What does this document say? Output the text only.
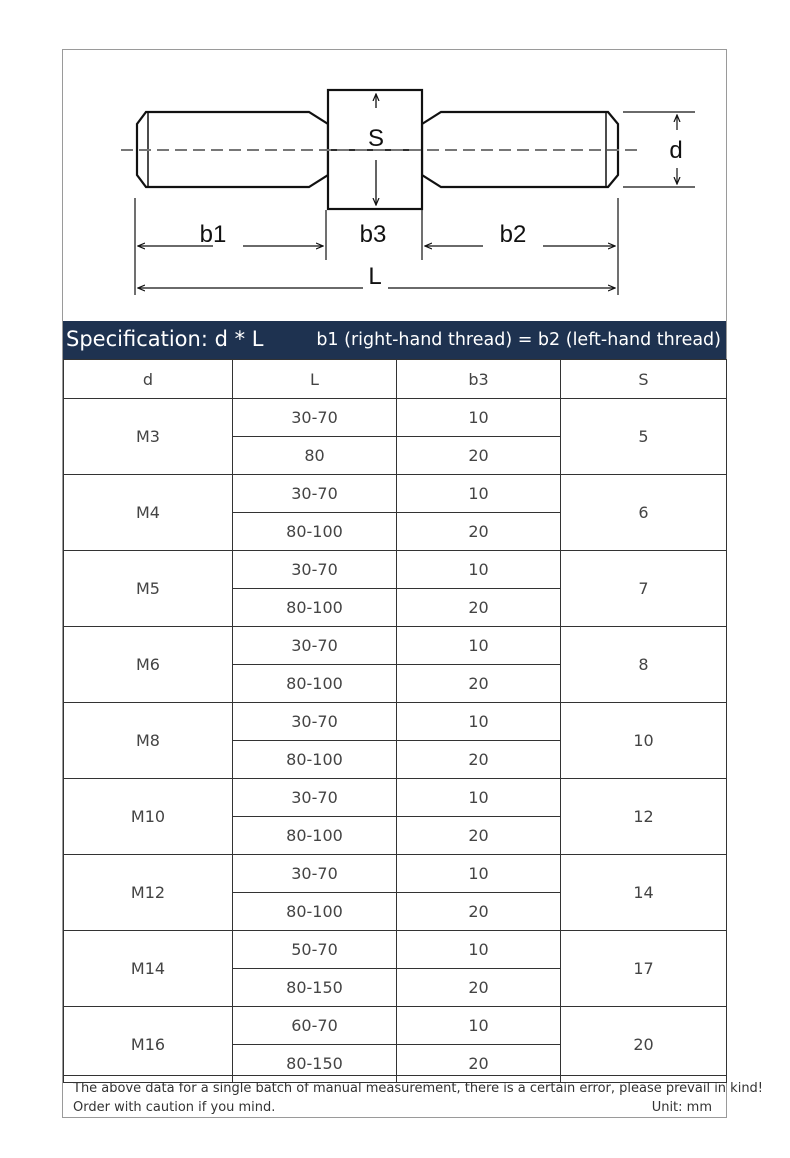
S	d
b1	b3	b2
L
Specification: d * L	b1 (right-hand thread) = b2 (left-hand thread)
d	L	b3	S
M3	30-70	10	5
	80	20	
M4	30-70	10	6
	80-100	20	
M5	30-70	10	7
	80-100	20	
M6	30-70	10	8
	80-100	20	
M8	30-70	10	10
	80-100	20	
M10	30-70	10	12
	80-100	20	
M12	30-70	10	14
	80-100	20	
M14	50-70	10	17
	80-150	20	
M16	60-70	10	20
	80-150	20	
The above data for a single batch of manual measurement, there is a certain error, please prevail in kind!
Order with caution if you mind.	Unit: mm
